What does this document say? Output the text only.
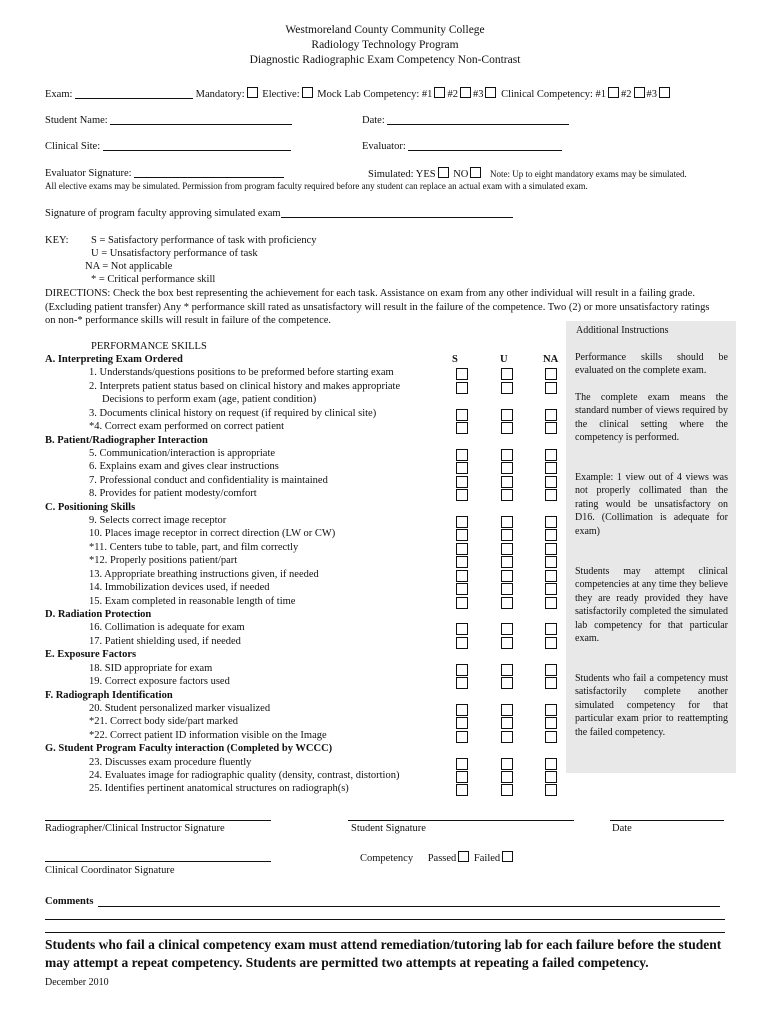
Westmoreland County Community College
Radiology Technology Program
Diagnostic Radiographic Exam Competency Non-Contrast
Exam:	Mandatory: Elective: Mock Lab Competency: #1 #2 #3 Clinical Competency: #1 #2 #3
Student Name:	Date:
Clinical Site:	Evaluator:
Evaluator Signature:	Simulated: YES NO Note: Up to eight mandatory exams may be simulated.
All elective exams may be simulated. Permission from program faculty required before any student can replace an actual exam with a simulated exam.
Signature of program faculty approving simulated exam
KEY: S = Satisfactory performance of task with proficiency
U = Unsatisfactory performance of task
NA = Not applicable
* = Critical performance skill
DIRECTIONS: Check the box best representing the achievement for each task. Assistance on exam from any other individual will result in a failing grade. (Excluding patient transfer) Any * performance skill rated as unsatisfactory will result in the failure of the competence. Two (2) or more unsatisfactory ratings on non-* performance skills will result in failure of the competence.
Additional Instructions
Performance skills should be evaluated on the complete exam.
The complete exam means the standard number of views required by the clinical setting where the competency is performed.
Example: 1 view out of 4 views was not properly collimated than the rating would be unsatisfactory on D16. (Collimation is adequate for exam)
Students may attempt clinical competencies at any time they believe they are ready provided they have satisfactorily completed the simulated lab competency for that particular exam.
Students who fail a competency must satisfactorily complete another simulated competency for that particular exam prior to reattempting the failed competency.
PERFORMANCE SKILLS
S	U	NA
A. Interpreting Exam Ordered
1. Understands/questions positions to be preformed before starting exam
2. Interprets patient status based on clinical history and makes appropriate
Decisions to perform exam (age, patient condition)
3. Documents clinical history on request (if required by clinical site)
*4. Correct exam performed on correct patient
B. Patient/Radiographer Interaction
5. Communication/interaction is appropriate
6. Explains exam and gives clear instructions
7. Professional conduct and confidentiality is maintained
8. Provides for patient modesty/comfort
C. Positioning Skills
9. Selects correct image receptor
10. Places image receptor in correct direction (LW or CW)
*11. Centers tube to table, part, and film correctly
*12. Properly positions patient/part
13. Appropriate breathing instructions given, if needed
14. Immobilization devices used, if needed
15. Exam completed in reasonable length of time
D. Radiation Protection
16. Collimation is adequate for exam
17. Patient shielding used, if needed
E. Exposure Factors
18. SID appropriate for exam
19. Correct exposure factors used
F. Radiograph Identification
20. Student personalized marker visualized
*21. Correct body side/part marked
*22. Correct patient ID information visible on the Image
G. Student Program Faculty interaction (Completed by WCCC)
23. Discusses exam procedure fluently
24. Evaluates image for radiographic quality (density, contrast, distortion)
25. Identifies pertinent anatomical structures on radiograph(s)
Radiographer/Clinical Instructor Signature	Student Signature	Date
Clinical Coordinator Signature
Competency Passed Failed
Comments
Students who fail a clinical competency exam must attend remediation/tutoring lab for each failure before the student may attempt a repeat competency. Students are permitted two attempts at repeating a failed competency.
December 2010
